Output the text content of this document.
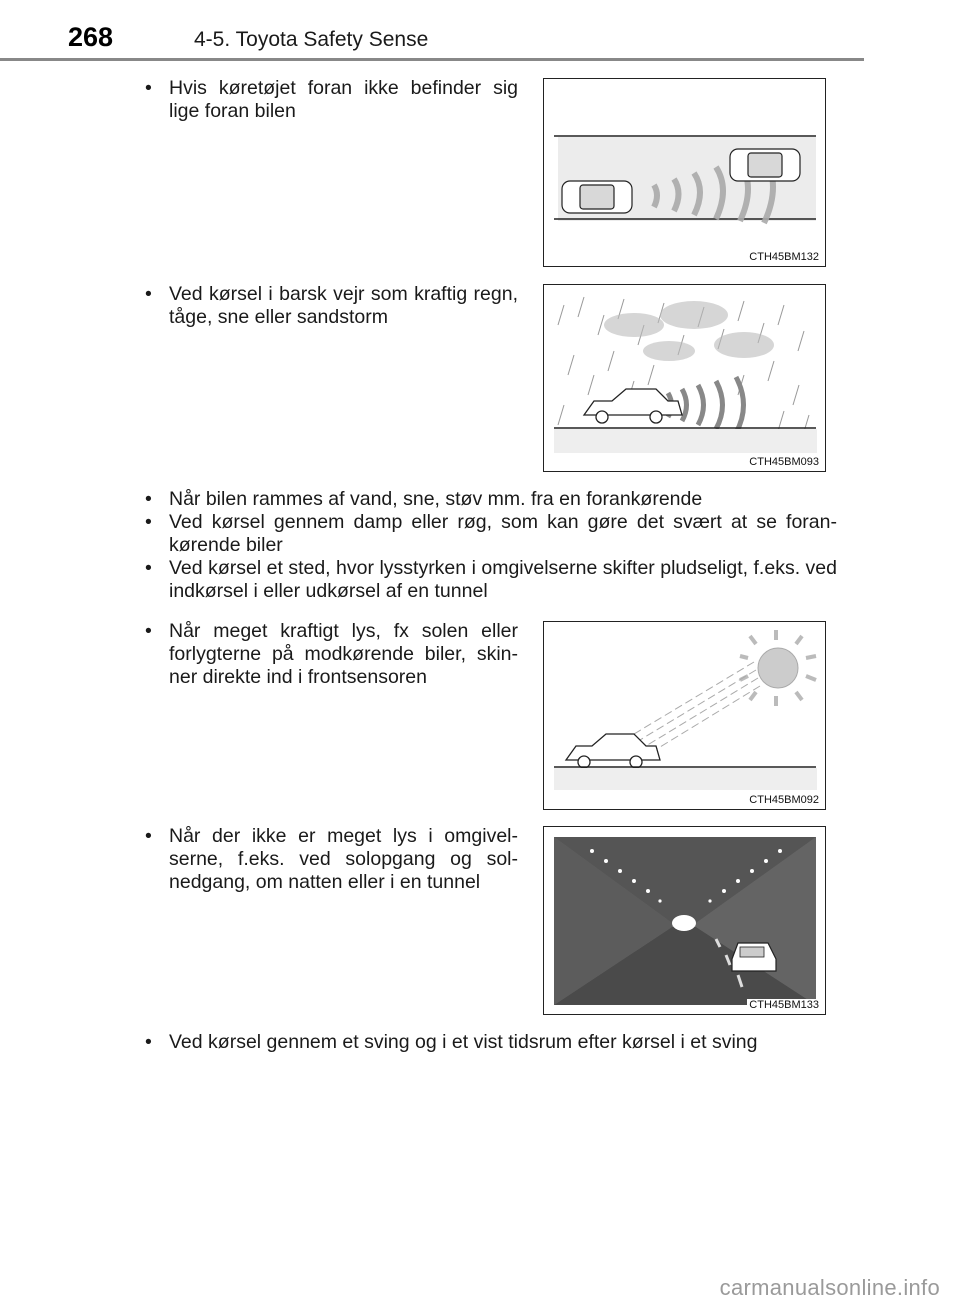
268	4-5. Toyota Safety Sense
• Hvis køretøjet foran ikke befinder sig lige foran bilen
CTH45BM132
• Ved kørsel i barsk vejr som kraftig regn, tåge, sne eller sandstorm
CTH45BM093
• Når bilen rammes af vand, sne, støv mm. fra en forankørende
• Ved kørsel gennem damp eller røg, som kan gøre det svært at se foran-kørende biler
• Ved kørsel et sted, hvor lysstyrken i omgivelserne skifter pludseligt, f.eks. ved indkørsel i eller udkørsel af en tunnel
• Når meget kraftigt lys, fx solen eller forlygterne på modkørende biler, skin-ner direkte ind i frontsensoren
CTH45BM092
• Når der ikke er meget lys i omgivel-serne, f.eks. ved solopgang og sol-nedgang, om natten eller i en tunnel
CTH45BM133
• Ved kørsel gennem et sving og i et vist tidsrum efter kørsel i et sving
carmanualsonline.info
